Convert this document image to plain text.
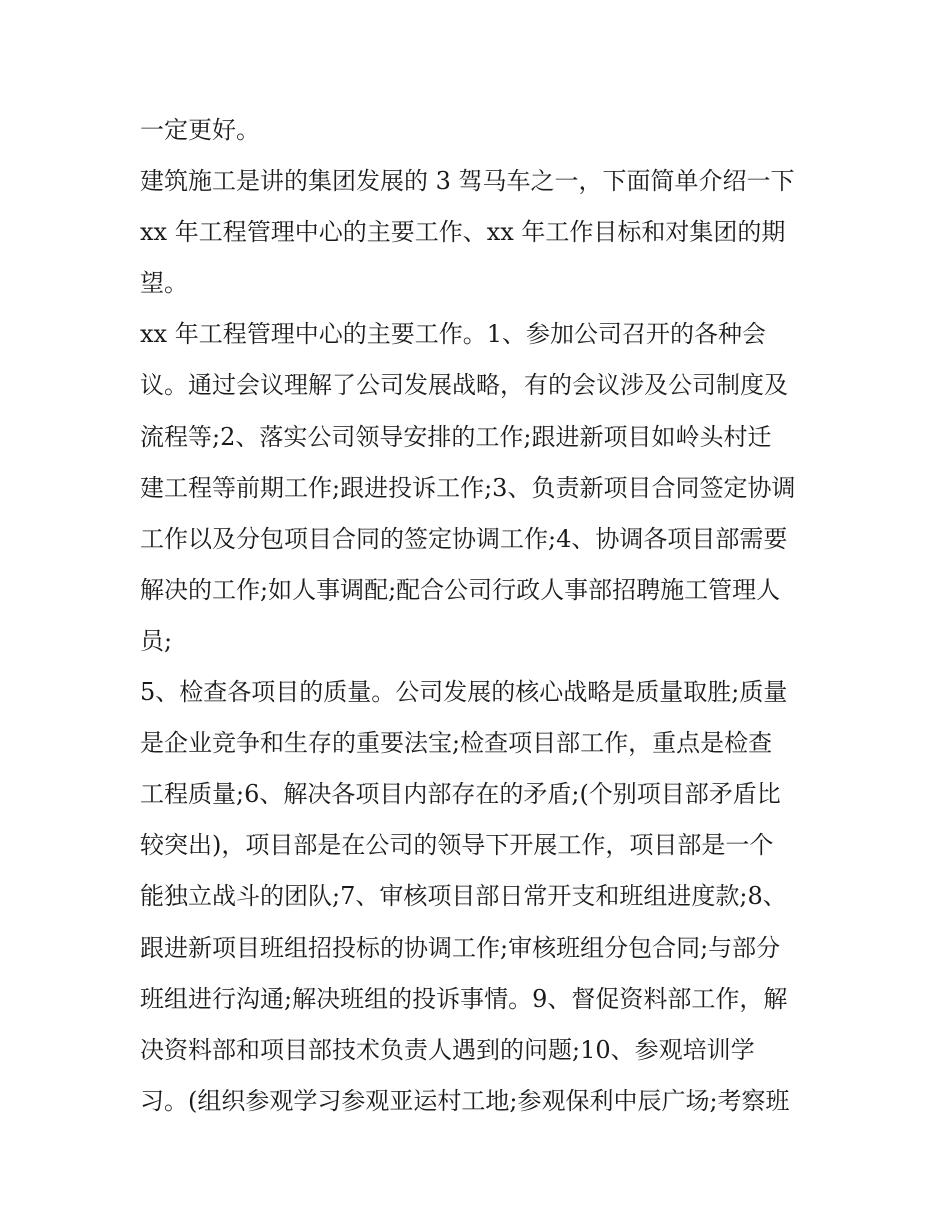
一定更好。
建筑施工是讲的集团发展的 3 驾马车之一，下面简单介绍一下
xx 年工程管理中心的主要工作、xx 年工作目标和对集团的期
望。
xx 年工程管理中心的主要工作。1、参加公司召开的各种会
议。通过会议理解了公司发展战略，有的会议涉及公司制度及
流程等;2、落实公司领导安排的工作;跟进新项目如岭头村迁
建工程等前期工作;跟进投诉工作;3、负责新项目合同签定协调
工作以及分包项目合同的签定协调工作;4、协调各项目部需要
解决的工作;如人事调配;配合公司行政人事部招聘施工管理人
员;
5、检查各项目的质量。公司发展的核心战略是质量取胜;质量
是企业竞争和生存的重要法宝;检查项目部工作，重点是检查
工程质量;6、解决各项目内部存在的矛盾;(个别项目部矛盾比
较突出)，项目部是在公司的领导下开展工作，项目部是一个
能独立战斗的团队;7、审核项目部日常开支和班组进度款;8、
跟进新项目班组招投标的协调工作;审核班组分包合同;与部分
班组进行沟通;解决班组的投诉事情。9、督促资料部工作，解
决资料部和项目部技术负责人遇到的问题;10、参观培训学
习。(组织参观学习参观亚运村工地;参观保利中辰广场;考察班
